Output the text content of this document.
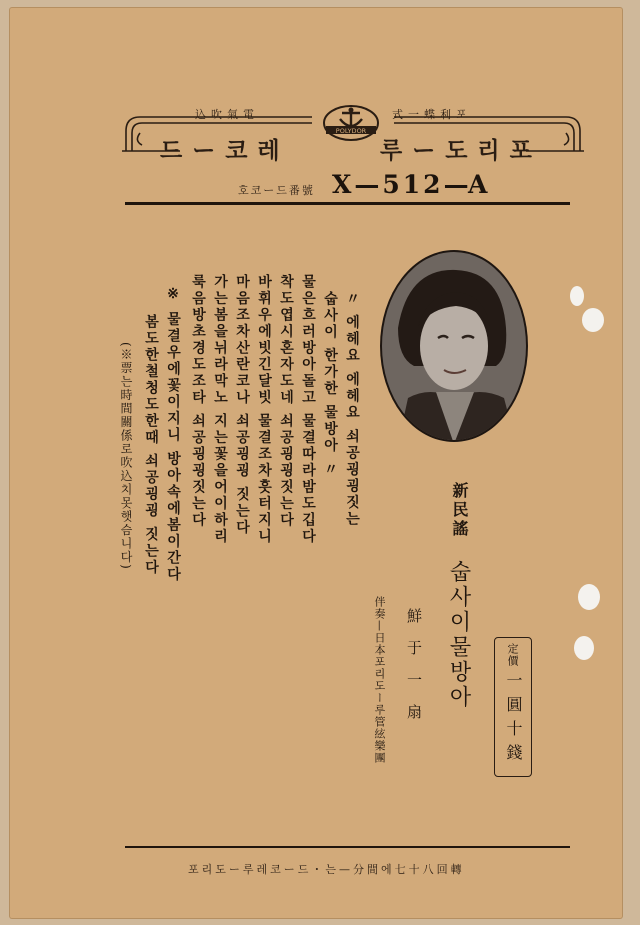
込吹氣電	式一蝶利포
드ー코레	루ー도리포
POLYDOR
호코ー드番號 X—512—
A
〃 에헤요 에헤요 쇠공굉굉짓는
숩사이 한가한 물방아 〃
물은흐러방아돌고 물결따라밤도깁다
착도엽시혼자도네 쇠공굉굉짓는다
바휘우에빗긴달빗 물결조차흣터지니
마음조차산란코나 쇠공굉굉 짓는다
가는봄을뉘라막노 지는꽃을어이하리
룩음방초경도조타 쇠공굉굉짓는다
※ 물결우에꽃이지니 방아속에봄이간다
봄도한철청도한때 쇠공굉굉 짓는다
(※票는時間關係로吹込치못햇슴니다)	新民謠
숩사이물방아
鮮于一扇
伴奏—日本포리도ー루管絃樂團	定價
一圓十錢
포리도ー루레코ー드・는—分間에七十八回轉
